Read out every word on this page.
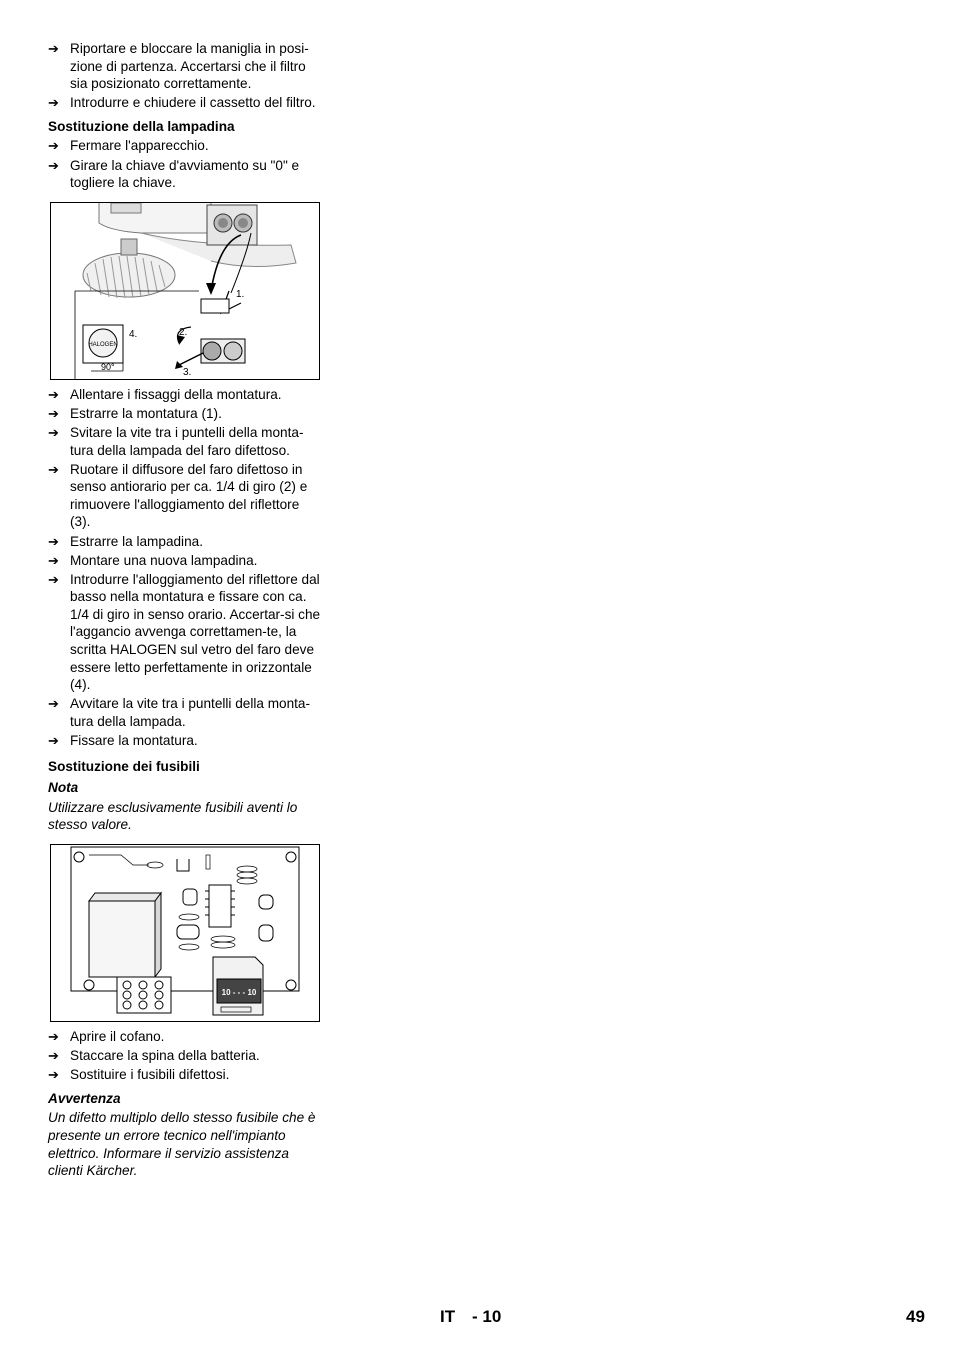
➔ Riportare e bloccare la maniglia in posi-zione di partenza. Accertarsi che il filtro sia posizionato correttamente.
➔ Introdurre e chiudere il cassetto del filtro.
Sostituzione della lampadina
➔ Fermare l'apparecchio.
➔ Girare la chiave d'avviamento su "0" e togliere la chiave.
1.
HALOGEN
4.
90°
2.
3.
➔ Allentare i fissaggi della montatura.
➔ Estrarre la montatura (1).
➔ Svitare la vite tra i puntelli della monta-tura della lampada del faro difettoso.
➔ Ruotare il diffusore del faro difettoso in senso antiorario per ca. 1/4 di giro (2) e rimuovere l'alloggiamento del riflettore (3).
➔ Estrarre la lampadina.
➔ Montare una nuova lampadina.
➔ Introdurre l'alloggiamento del riflettore dal basso nella montatura e fissare con ca. 1/4 di giro in senso orario. Accertar-si che l'aggancio avvenga correttamen-te, la scritta HALOGEN sul vetro del faro deve essere letto perfettamente in orizzontale (4).
➔ Avvitare la vite tra i puntelli della monta-tura della lampada.
➔ Fissare la montatura.
Sostituzione dei fusibili
Nota
Utilizzare esclusivamente fusibili aventi lo stesso valore.
10 - - - 10
➔ Aprire il cofano.
➔ Staccare la spina della batteria.
➔ Sostituire i fusibili difettosi.
Avvertenza
Un difetto multiplo dello stesso fusibile che è presente un errore tecnico nell'impianto elettrico. Informare il servizio assistenza clienti Kärcher.
IT - 10	49
